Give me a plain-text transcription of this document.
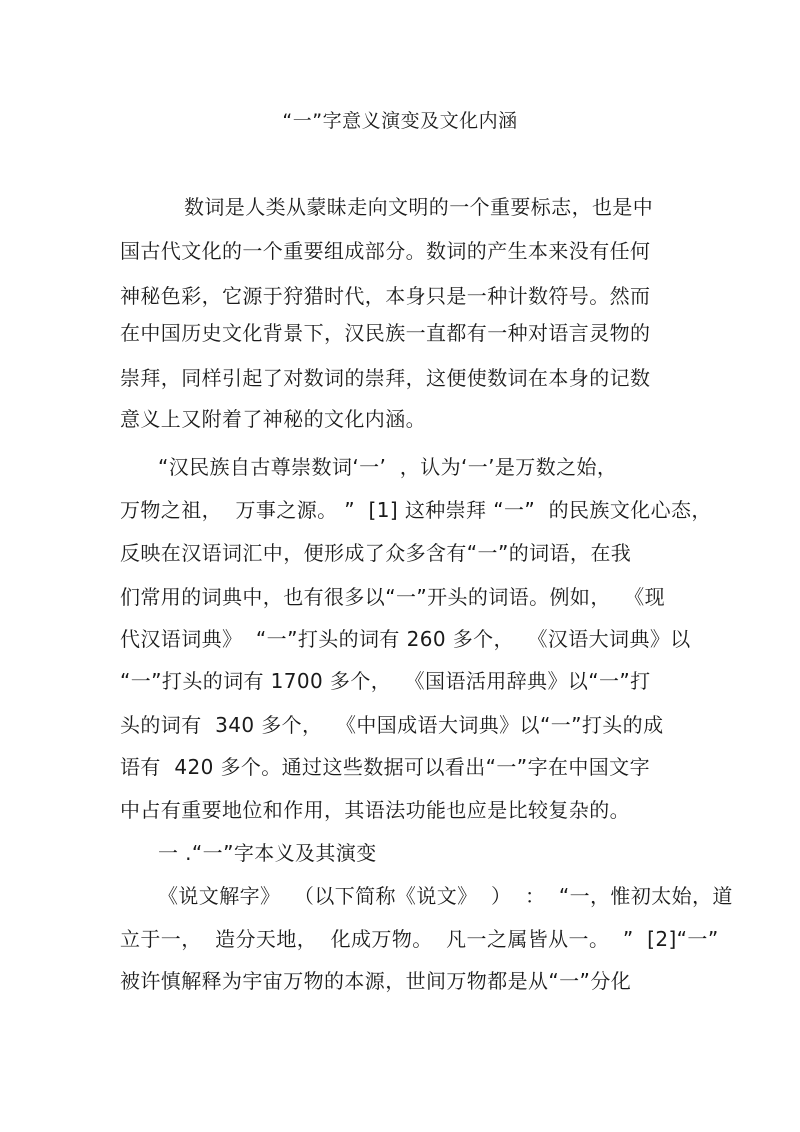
“一”字意义演变及文化内涵
数词是人类从蒙昧走向文明的一个重要标志，也是中
国古代文化的一个重要组成部分。数词的产生本来没有任何
神秘色彩，它源于狩猎时代，本身只是一种计数符号。然而
在中国历史文化背景下，汉民族一直都有一种对语言灵物的
崇拜，同样引起了对数词的崇拜，这便使数词在本身的记数
意义上又附着了神秘的文化内涵。
“汉民族自古尊崇数词‘一’  ，认为‘一’是万数之始，
万物之祖，  万事之源。 ”  [1] 这种崇拜 “一”  的民族文化心态，
反映在汉语词汇中，便形成了众多含有“一”的词语，在我
们常用的词典中，也有很多以“一”开头的词语。例如，  《现
代汉语词典》  “一”打头的词有 260 多个，  《汉语大词典》以
“一”打头的词有 1700 多个，  《国语活用辞典》以“一”打
头的词有  340 多个，  《中国成语大词典》以“一”打头的成
语有  420 多个。通过这些数据可以看出“一”字在中国文字
中占有重要地位和作用，其语法功能也应是比较复杂的。
一 .“一”字本义及其演变
《说文解字》  （以下简称《说文》  ）  ：  “一，惟初太始，道
立于一，  造分天地，  化成万物。  凡一之属皆从一。  ”  [2]“一”
被许慎解释为宇宙万物的本源，世间万物都是从“一”分化
